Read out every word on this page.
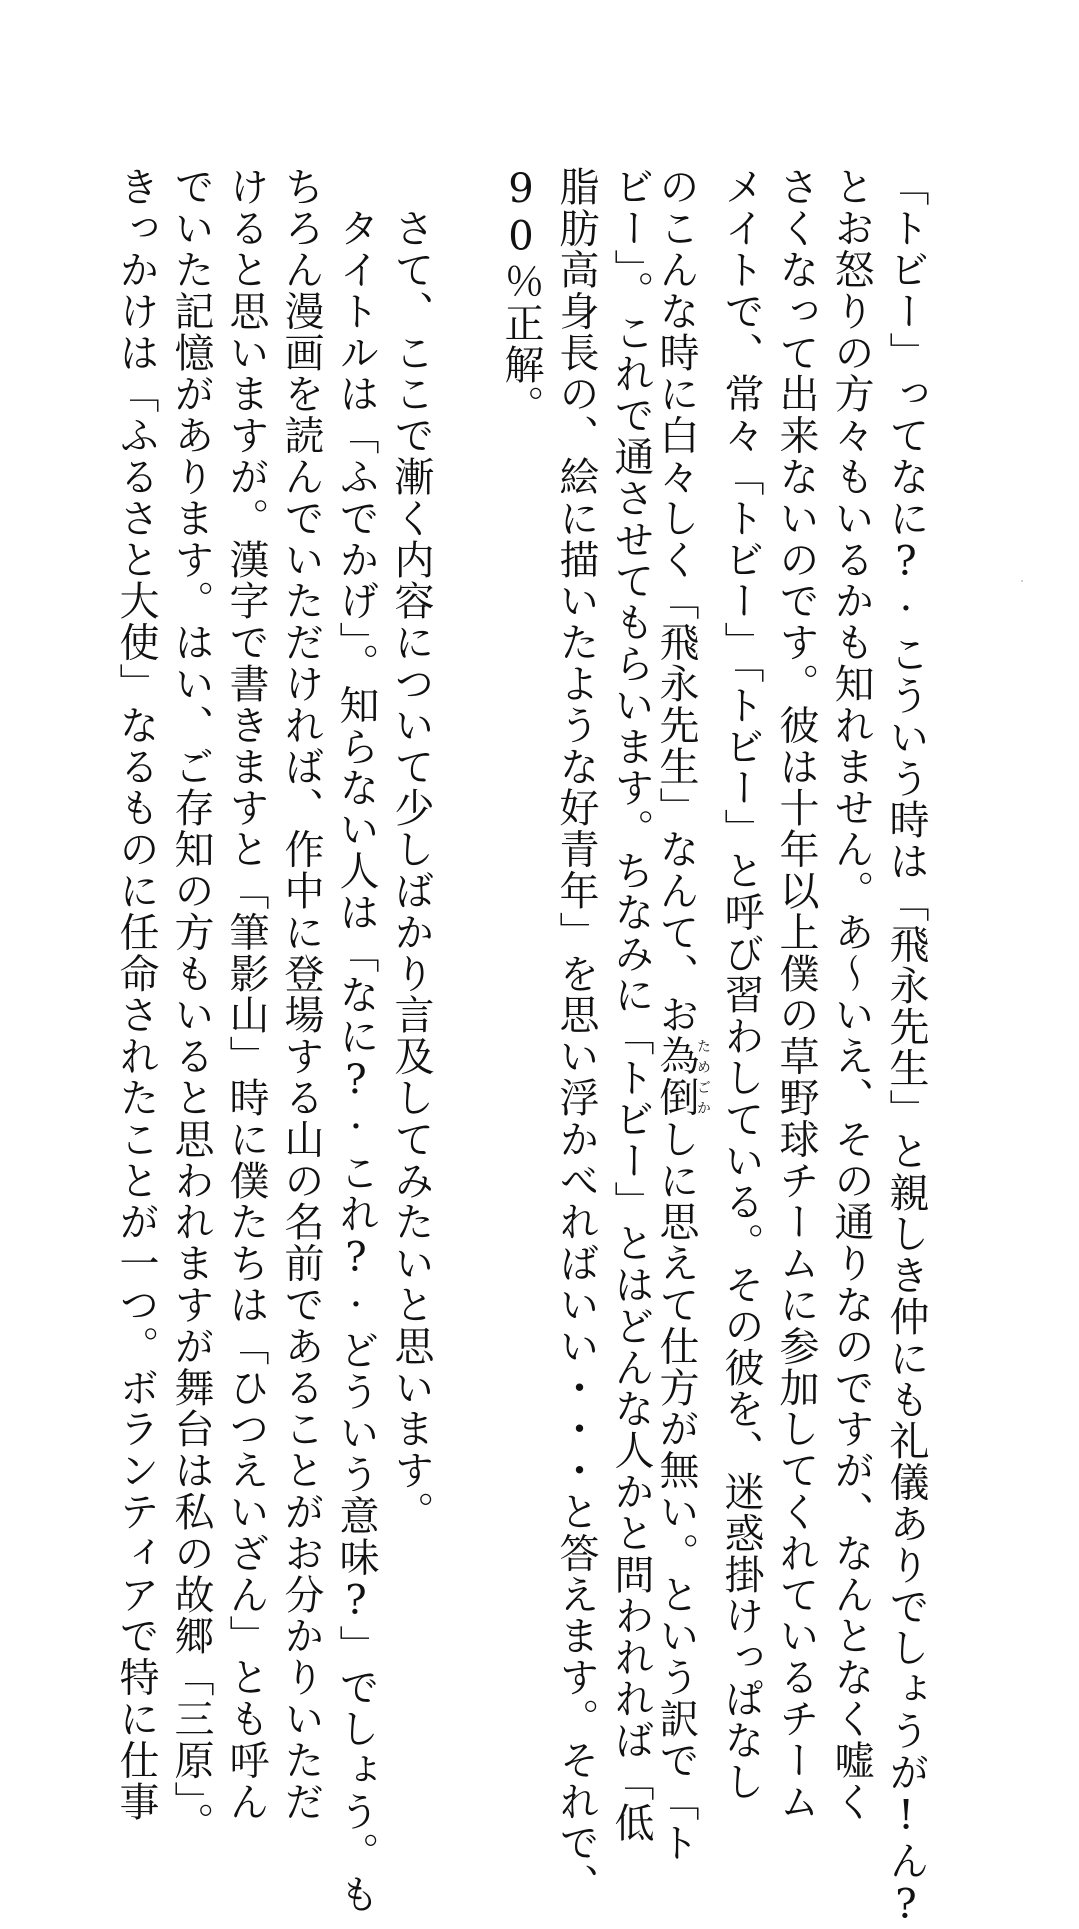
「トビー」ってなに?·こういう時は「飛永先生」と親しき仲にも礼儀ありでしょうが!ん?
とお怒りの方々もいるかも知れません。あ～いえ、その通りなのですが、なんとなく嘘く
さくなって出来ないのです。彼は十年以上僕の草野球チームに参加してくれているチーム
メイトで、常々「トビー」「トビー」と呼び習わしている。その彼を、迷惑掛けっぱなし
のこんな時に白々しく「飛永先生」なんて、お為倒ためごかしに思えて仕方が無い。という訳で「ト
ビー」。これで通させてもらいます。ちなみに「トビー」とはどんな人かと問われれば「低
脂肪高身長の、絵に描いたような好青年」を思い浮かべればいい・・・と答えます。それで、
90％正解。
　さて、ここで漸く内容について少しばかり言及してみたいと思います。
　タイトルは「ふでかげ」。知らない人は「なに?·これ?·どういう意味?」でしょう。も
ちろん漫画を読んでいただければ、作中に登場する山の名前であることがお分かりいただ
けると思いますが。漢字で書きますと「筆影山」時に僕たちは「ひつえいざん」とも呼ん
でいた記憶があります。はい、ご存知の方もいると思われますが舞台は私の故郷「三原」。
きっかけは「ふるさと大使」なるものに任命されたことが一つ。ボランティアで特に仕事
